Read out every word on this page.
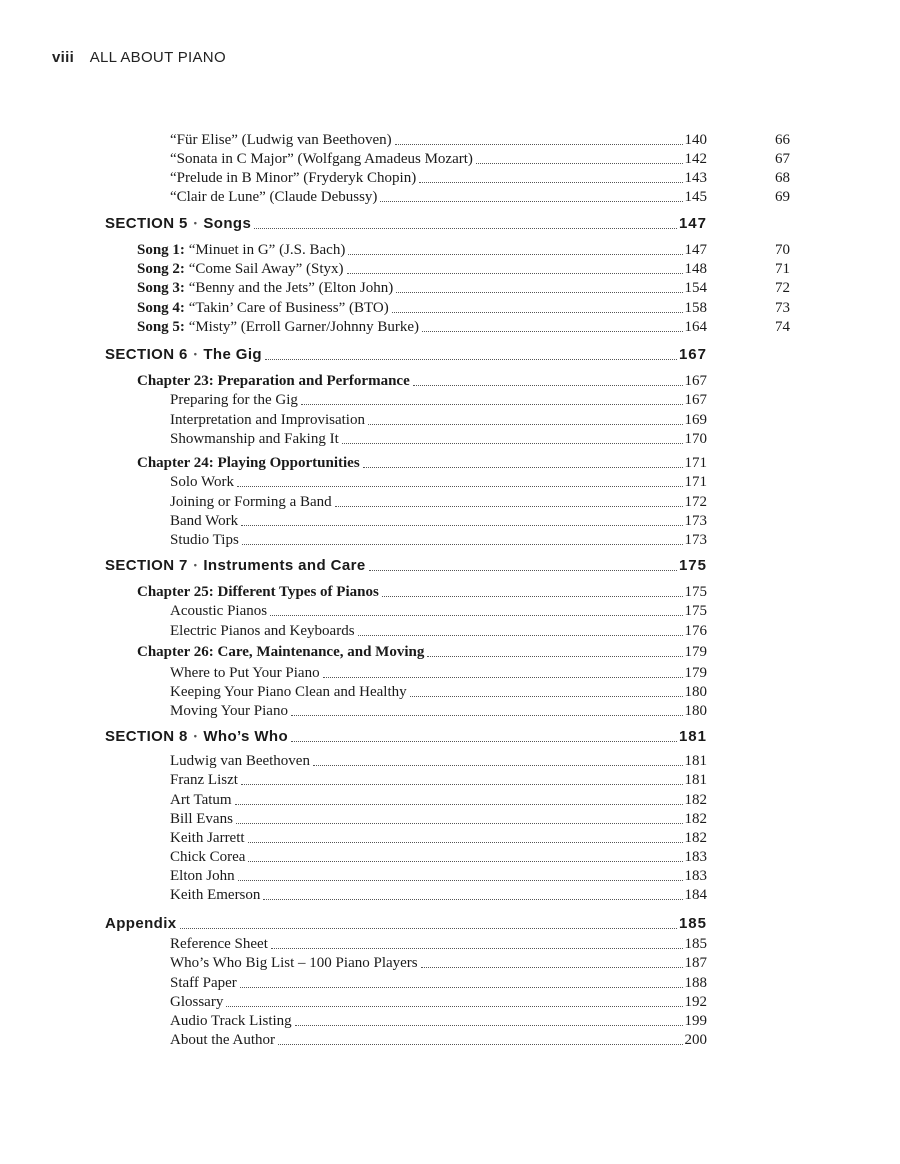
viii ALL ABOUT PIANO
“Für Elise” (Ludwig van Beethoven)	140	66
“Sonata in C Major” (Wolfgang Amadeus Mozart)	142	67
“Prelude in B Minor” (Fryderyk Chopin)	143	68
“Clair de Lune” (Claude Debussy)	145	69
SECTION 5 • Songs	147
Song 1: “Minuet in G” (J.S. Bach)	147	70
Song 2: “Come Sail Away” (Styx)	148	71
Song 3: “Benny and the Jets” (Elton John)	154	72
Song 4: “Takin’ Care of Business” (BTO)	158	73
Song 5: “Misty” (Erroll Garner/Johnny Burke)	164	74
SECTION 6 • The Gig	167
Chapter 23: Preparation and Performance	167
Preparing for the Gig	167
Interpretation and Improvisation	169
Showmanship and Faking It	170
Chapter 24: Playing Opportunities	171
Solo Work	171
Joining or Forming a Band	172
Band Work	173
Studio Tips	173
SECTION 7 • Instruments and Care	175
Chapter 25: Different Types of Pianos	175
Acoustic Pianos	175
Electric Pianos and Keyboards	176
Chapter 26: Care, Maintenance, and Moving	179
Where to Put Your Piano	179
Keeping Your Piano Clean and Healthy	180
Moving Your Piano	180
SECTION 8 • Who’s Who	181
Ludwig van Beethoven	181
Franz Liszt	181
Art Tatum	182
Bill Evans	182
Keith Jarrett	182
Chick Corea	183
Elton John	183
Keith Emerson	184
Appendix	185
Reference Sheet	185
Who’s Who Big List – 100 Piano Players	187
Staff Paper	188
Glossary	192
Audio Track Listing	199
About the Author	200
